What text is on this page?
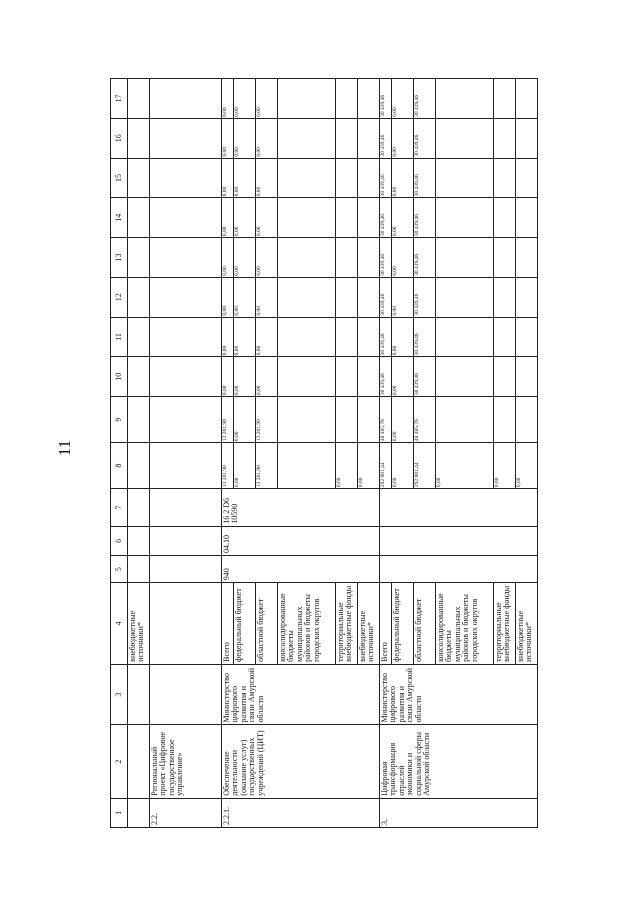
11
1	2	3	4	5	6	7	8	9	10	11	12	13	14	15	16	17
			внебюджетные источники*													
2.2.	Региональный проект «Цифровое государственное управление»															
2.2.1.	Обеспечение деятельности (оказание услуг) государственных учреждений (ЦИТ)	Министерство цифрового развития и связи Амурской области	Всего	940	04.10	16 2 D6 10590	13 201,90	13 201,90	0,00	0,00	0,00	0,00	0,00	0,00	0,00	0,00
			федеральный бюджет				0,00	0,00	0,00	0,00	0,00	0,00	0,00	0,00	0,00	0,00
			областной бюджет				13 201,90	13 201,90	0,00	0,00	0,00	0,00	0,00	0,00	0,00	0,00
			консолидированные бюджеты муниципальных районов и бюджеты городских округов													
			территориальные внебюджетные фонды				0,00									
			внебюджетные источники*				0,00									
3.	Цифровая трансформация отраслей экономики и социальной сферы Амурской области	Министерство цифрового развития и связи Амурской области	Всего				292 001,44	48 485,76	30 439,46	30 439,46	30 439,46	30 439,46	30 439,46	30 439,46	30 439,46	30 439,46
			федеральный бюджет				0,00	0,00	0,00	0,00	0,00	0,00	0,00	0,00	0,00	0,00
			областной бюджет				292 001,44	48 485,76	30 439,46	30 439,46	30 439,46	30 439,46	30 439,46	30 439,46	30 439,46	30 439,46
			консолидированные бюджеты муниципальных районов и бюджеты городских округов				0,00									
			территориальные внебюджетные фонды				0,00									
			внебюджетные источники*				0,00									
